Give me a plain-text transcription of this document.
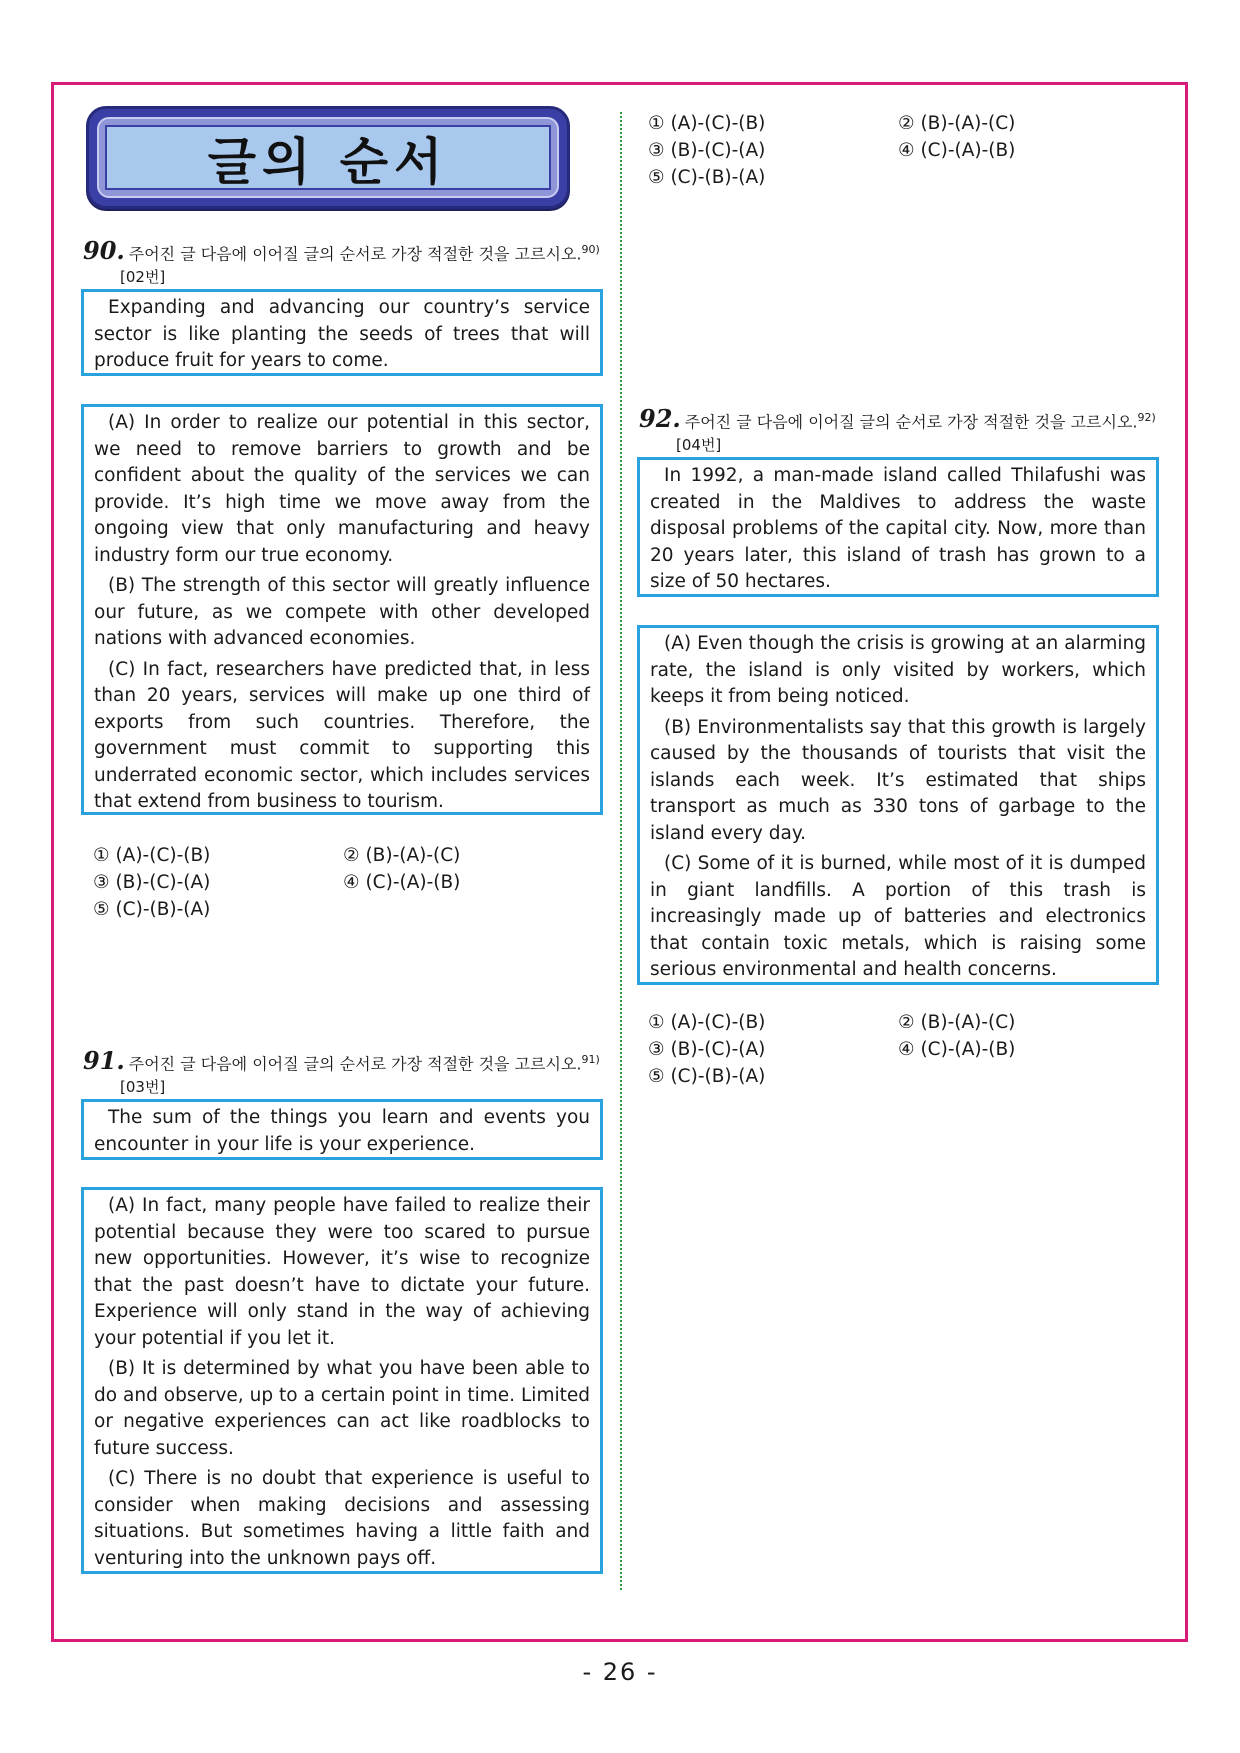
글의 순서
90. 주어진 글 다음에 이어질 글의 순서로 가장 적절한 것을 고르시오.$^{90)}$
[02번]

Expanding and advancing our country’s service sector is like planting the seeds of trees that will produce fruit for years to come.

(A) In order to realize our potential in this sector, we need to remove barriers to growth and be confident about the quality of the services we can provide. It’s high time we move away from the ongoing view that only manufacturing and heavy industry form our true economy.

(B) The strength of this sector will greatly influence our future, as we compete with other developed nations with advanced economies.

(C) In fact, researchers have predicted that, in less than 20 years, services will make up one third of exports from such countries. Therefore, the government must commit to supporting this underrated economic sector, which includes services that extend from business to tourism.

① (A)-(C)-(B)	② (B)-(A)-(C)
③ (B)-(C)-(A)	④ (C)-(A)-(B)
⑤ (C)-(B)-(A)
91. 주어진 글 다음에 이어질 글의 순서로 가장 적절한 것을 고르시오.$^{91)}$
[03번]

The sum of the things you learn and events you encounter in your life is your experience.

(A) In fact, many people have failed to realize their potential because they were too scared to pursue new opportunities. However, it’s wise to recognize that the past doesn’t have to dictate your future. Experience will only stand in the way of achieving your potential if you let it.

(B) It is determined by what you have been able to do and observe, up to a certain point in time. Limited or negative experiences can act like roadblocks to future success.

(C) There is no doubt that experience is useful to consider when making decisions and assessing situations. But sometimes having a little faith and venturing into the unknown pays off.

① (A)-(C)-(B)	② (B)-(A)-(C)
③ (B)-(C)-(A)	④ (C)-(A)-(B)
⑤ (C)-(B)-(A)
92. 주어진 글 다음에 이어질 글의 순서로 가장 적절한 것을 고르시오.$^{92)}$
[04번]

In 1992, a man-made island called Thilafushi was created in the Maldives to address the waste disposal problems of the capital city. Now, more than 20 years later, this island of trash has grown to a size of 50 hectares.

(A) Even though the crisis is growing at an alarming rate, the island is only visited by workers, which keeps it from being noticed.

(B) Environmentalists say that this growth is largely caused by the thousands of tourists that visit the islands each week. It’s estimated that ships transport as much as 330 tons of garbage to the island every day.

(C) Some of it is burned, while most of it is dumped in giant landfills. A portion of this trash is increasingly made up of batteries and electronics that contain toxic metals, which is raising some serious environmental and health concerns.

① (A)-(C)-(B)	② (B)-(A)-(C)
③ (B)-(C)-(A)	④ (C)-(A)-(B)
⑤ (C)-(B)-(A)
- 26 -
